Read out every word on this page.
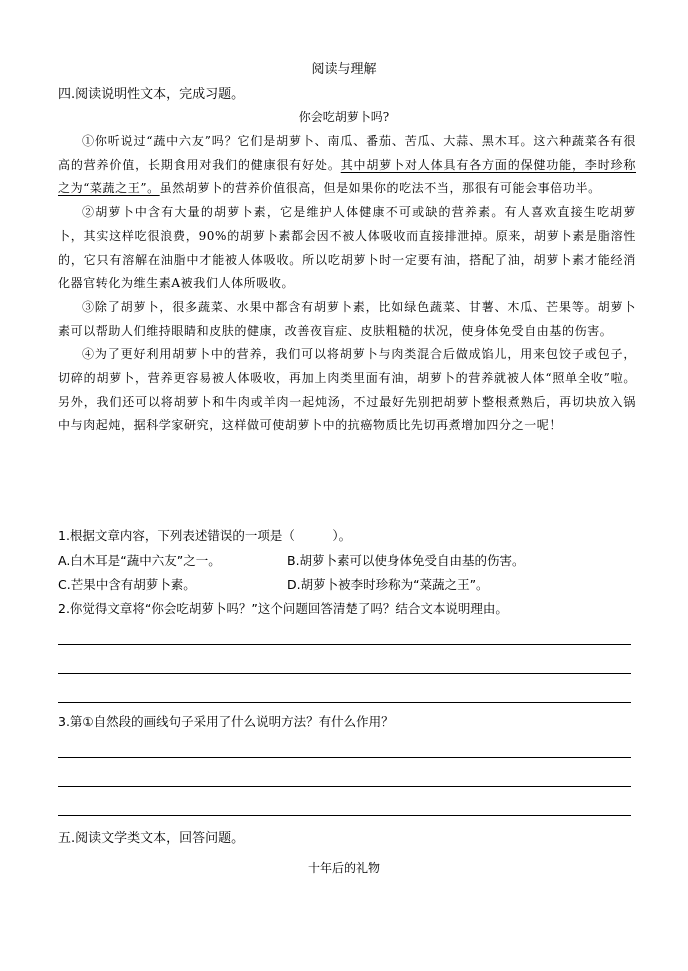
阅读与理解
四.阅读说明性文本，完成习题。
你会吃胡萝卜吗?

①你听说过“蔬中六友”吗？它们是胡萝卜、南瓜、番茄、苦瓜、大蒜、黑木耳。这六种蔬菜各有很高的营养价值，长期食用对我们的健康很有好处。其中胡萝卜对人体具有各方面的保健功能，李时珍称之为“菜蔬之王”。虽然胡萝卜的营养价值很高，但是如果你的吃法不当，那很有可能会事倍功半。

②胡萝卜中含有大量的胡萝卜素，它是维护人体健康不可或缺的营养素。有人喜欢直接生吃胡萝卜，其实这样吃很浪费，90%的胡萝卜素都会因不被人体吸收而直接排泄掉。原来，胡萝卜素是脂溶性的，它只有溶解在油脂中才能被人体吸收。所以吃胡萝卜时一定要有油，搭配了油，胡萝卜素才能经消化器官转化为维生素A被我们人体所吸收。

③除了胡萝卜，很多蔬菜、水果中都含有胡萝卜素，比如绿色蔬菜、甘薯、木瓜、芒果等。胡萝卜素可以帮助人们维持眼睛和皮肤的健康，改善夜盲症、皮肤粗糙的状况，使身体免受自由基的伤害。

④为了更好利用胡萝卜中的营养，我们可以将胡萝卜与肉类混合后做成馅儿，用来包饺子或包子，切碎的胡萝卜，营养更容易被人体吸收，再加上肉类里面有油，胡萝卜的营养就被人体“照单全收”啦。另外，我们还可以将胡萝卜和牛肉或羊肉一起炖汤，不过最好先别把胡萝卜整根煮熟后，再切块放入锅中与肉起炖，据科学家研究，这样做可使胡萝卜中的抗癌物质比先切再煮增加四分之一呢！

1.根据文章内容，下列表述错误的一项是（　　　）。
A.白木耳是“蔬中六友”之一。	B.胡萝卜素可以使身体免受自由基的伤害。
C.芒果中含有胡萝卜素。	D.胡萝卜被李时珍称为“菜蔬之王”。
2.你觉得文章将“你会吃胡萝卜吗？”这个问题回答清楚了吗？结合文本说明理由。
3.第①自然段的画线句子采用了什么说明方法？有什么作用？
五.阅读文学类文本，回答问题。
十年后的礼物
